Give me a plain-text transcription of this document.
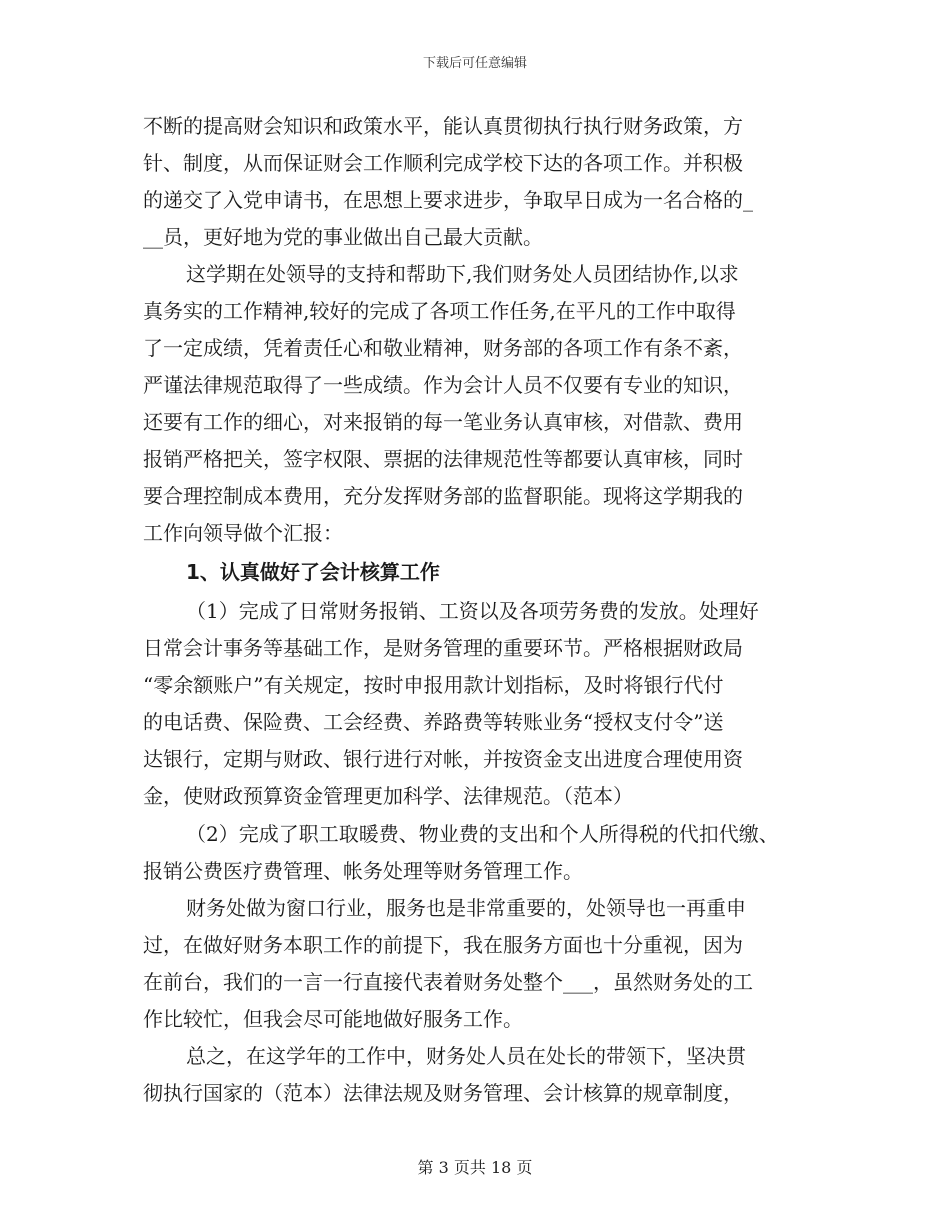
下载后可任意编辑
不断的提高财会知识和政策水平，能认真贯彻执行执行财务政策，方
针、制度，从而保证财会工作顺利完成学校下达的各项工作。并积极
的递交了入党申请书，在思想上要求进步，争取早日成为一名合格的_
__员，更好地为党的事业做出自己最大贡献。
这学期在处领导的支持和帮助下,我们财务处人员团结协作,以求
真务实的工作精神,较好的完成了各项工作任务,在平凡的工作中取得
了一定成绩，凭着责任心和敬业精神，财务部的各项工作有条不紊，
严谨法律规范取得了一些成绩。作为会计人员不仅要有专业的知识，
还要有工作的细心，对来报销的每一笔业务认真审核，对借款、费用
报销严格把关，签字权限、票据的法律规范性等都要认真审核，同时
要合理控制成本费用，充分发挥财务部的监督职能。现将这学期我的
工作向领导做个汇报：
1、认真做好了会计核算工作
（1）完成了日常财务报销、工资以及各项劳务费的发放。处理好
日常会计事务等基础工作，是财务管理的重要环节。严格根据财政局
“零余额账户”有关规定，按时申报用款计划指标，及时将银行代付
的电话费、保险费、工会经费、养路费等转账业务“授权支付令”送
达银行，定期与财政、银行进行对帐，并按资金支出进度合理使用资
金，使财政预算资金管理更加科学、法律规范。（范本）
（2）完成了职工取暖费、物业费的支出和个人所得税的代扣代缴、
报销公费医疗费管理、帐务处理等财务管理工作。
财务处做为窗口行业，服务也是非常重要的，处领导也一再重申
过，在做好财务本职工作的前提下，我在服务方面也十分重视，因为
在前台，我们的一言一行直接代表着财务处整个___，虽然财务处的工
作比较忙，但我会尽可能地做好服务工作。
总之，在这学年的工作中，财务处人员在处长的带领下，坚决贯
彻执行国家的（范本）法律法规及财务管理、会计核算的规章制度，
第 3 页共 18 页
